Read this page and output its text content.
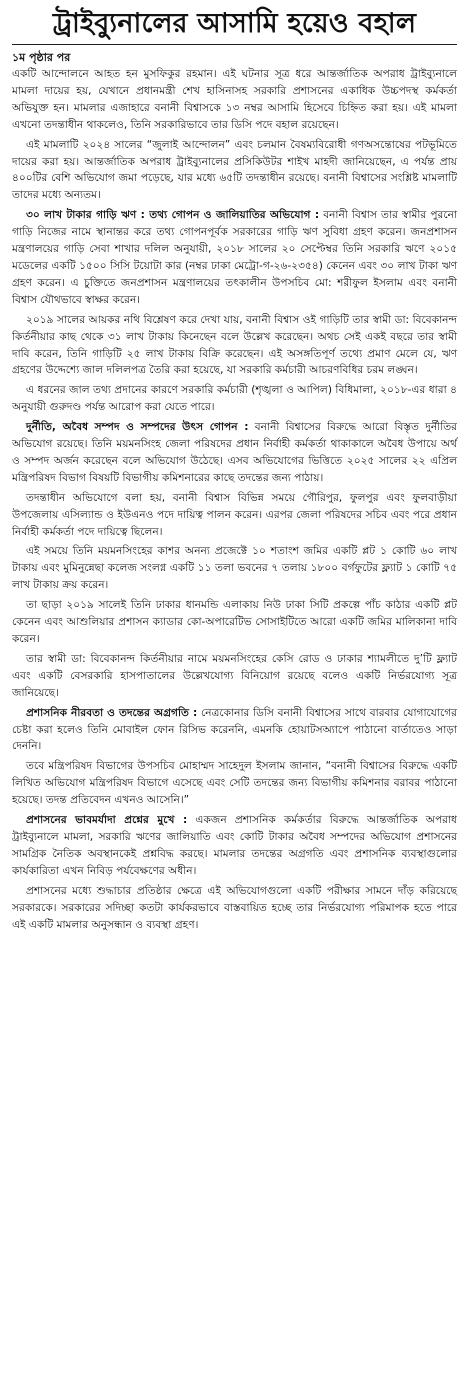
ট্রাইব্যুনালের আসামি হয়েও বহাল
১ম পৃষ্ঠার পর

একটি আন্দোলনে আহত হন মুসফিকুর রহমান। এই ঘটনার সূত্র ধরে আন্তর্জাতিক অপরাধ ট্রাইব্যুনালে মামলা দায়ের হয়, যেখানে প্রধানমন্ত্রী শেখ হাসিনাসহ সরকারি প্রশাসনের একাধিক উচ্চপদস্থ কর্মকর্তা অভিযুক্ত হন। মামলার এজাহারে বনানী বিশ্বাসকে ১৩ নম্বর আসামি হিসেবে চিহ্নিত করা হয়। এই মামলা এখনো তদন্তাধীন থাকলেও, তিনি সরকারিভাবে তার ডিসি পদে বহাল রয়েছেন।

এই মামলাটি ২০২৪ সালের “জুলাই আন্দোলন” এবং চলমান বৈষম্যবিরোধী গণঅসন্তোষের পটভূমিতে দায়ের করা হয়। আন্তর্জাতিক অপরাধ ট্রাইব্যুনালের প্রসিকিউটর শাইখ মাহদী জানিয়েছেন, এ পর্যন্ত প্রায় ৪০০টির বেশি অভিযোগ জমা পড়েছে, যার মধ্যে ৬৫টি তদন্তাধীন রয়েছে। বনানী বিশ্বাসের সংশ্লিষ্ট মামলাটি তাদের মধ্যে অন্যতম।

৩০ লাখ টাকার গাড়ি ঋণ : তথ্য গোপন ও জালিয়াতির অভিযোগ : বনানী বিশ্বাস তার স্বামীর পুরনো গাড়ি নিজের নামে স্থানান্তর করে তথ্য গোপনপূর্বক সরকারের গাড়ি ঋণ সুবিধা গ্রহণ করেন। জনপ্রশাসন মন্ত্রণালয়ের গাড়ি সেবা শাখার দলিল অনুযায়ী, ২০১৮ সালের ২০ সেপ্টেম্বর তিনি সরকারি ঋণে ২০১৫ মডেলের একটি ১৫০০ সিসি টয়োটা কার (নম্বর ঢাকা মেট্রো-গ-২৬-২৩৫৪) কেনেন এবং ৩০ লাখ টাকা ঋণ গ্রহণ করেন। এ চুক্তিতে জনপ্রশাসন মন্ত্রণালয়ের তৎকালীন উপসচিব মো: শরীফুল ইসলাম এবং বনানী বিশ্বাস যৌথভাবে স্বাক্ষর করেন।

২০১৯ সালের আয়কর নথি বিশ্লেষণ করে দেখা যায়, বনানী বিশ্বাস ওই গাড়িটি তার স্বামী ডা: বিবেকানন্দ কির্তনীয়ার কাছ থেকে ৩১ লাখ টাকায় কিনেছেন বলে উল্লেখ করেছেন। অথচ সেই একই বছরে তার স্বামী দাবি করেন, তিনি গাড়িটি ২৫ লাখ টাকায় বিক্রি করেছেন। এই অসঙ্গতিপূর্ণ তথ্যে প্রমাণ মেলে যে, ঋণ গ্রহণের উদ্দেশ্যে জাল দলিলপত্র তৈরি করা হয়েছে, যা সরকারি কর্মচারী আচরণবিধির চরম লঙ্ঘন।

এ ধরনের জাল তথ্য প্রদানের কারণে সরকারি কর্মচারী (শৃঙ্খলা ও আপিল) বিধিমালা, ২০১৮-এর ধারা ৪ অনুযায়ী গুরুদণ্ড পর্যন্ত আরোপ করা যেতে পারে।

দুর্নীতি, অবৈধ সম্পদ ও সম্পদের উৎস গোপন : বনানী বিশ্বাসের বিরুদ্ধে আরো বিস্তৃত দুর্নীতির অভিযোগ রয়েছে। তিনি ময়মনসিংহ জেলা পরিষদের প্রধান নির্বাহী কর্মকর্তা থাকাকালে অবৈধ উপায়ে অর্থ ও সম্পদ অর্জন করেছেন বলে অভিযোগ উঠেছে। এসব অভিযোগের ভিত্তিতে ২০২৫ সালের ২২ এপ্রিল মন্ত্রিপরিষদ বিভাগ বিষয়টি বিভাগীয় কমিশনারের কাছে তদন্তের জন্য পাঠায়।

তদন্তাধীন অভিযোগে বলা হয়, বনানী বিশ্বাস বিভিন্ন সময়ে গৌরিপুর, ফুলপুর এবং ফুলবাড়ীয়া উপজেলায় এসিল্যান্ড ও ইউএনও পদে দায়িত্ব পালন করেন। এরপর জেলা পরিষদের সচিব এবং পরে প্রধান নির্বাহী কর্মকর্তা পদে দায়িত্বে ছিলেন।

এই সময়ে তিনি ময়মনসিংহের কাশর অনন্য প্রজেক্টে ১০ শতাংশ জমির একটি প্লট ১ কোটি ৬০ লাখ টাকায় এবং মুমিনুন্নেছা কলেজ সংলগ্ন একটি ১১ তলা ভবনের ৭ তলায় ১৮০০ বর্গফুটের ফ্ল্যাট ১ কোটি ৭৫ লাখ টাকায় ক্রয় করেন।

তা ছাড়া ২০১৯ সালেই তিনি ঢাকার ধানমন্ডি এলাকায় নিউ ঢাকা সিটি প্রকল্পে পাঁচ কাঠার একটি প্লট কেনেন এবং আশুলিয়ার প্রশাসন ক্যাডার কো-অপারেটিভ সোসাইটিতে আরো একটি জমির মালিকানা দাবি করেন।

তার স্বামী ডা: বিবেকানন্দ কির্তনীয়ার নামে ময়মনসিংহের কেসি রোড ও ঢাকার শ্যামলীতে দু’টি ফ্ল্যাট এবং একটি বেসরকারি হাসপাতালের উল্লেখযোগ্য বিনিয়োগ রয়েছে বলেও একটি নির্ভরযোগ্য সূত্র জানিয়েছে।

প্রশাসনিক নীরবতা ও তদন্তের অগ্রগতি : নেত্রকোনার ডিসি বনানী বিশ্বাসের সাথে বারবার যোগাযোগের চেষ্টা করা হলেও তিনি মোবাইল ফোন রিসিভ করেননি, এমনকি হোয়াটসঅ্যাপে পাঠানো বার্তাতেও সাড়া দেননি।

তবে মন্ত্রিপরিষদ বিভাগের উপসচিব মোহাম্মদ সাহেদুল ইসলাম জানান, “বনানী বিশ্বাসের বিরুদ্ধে একটি লিখিত অভিযোগ মন্ত্রিপরিষদ বিভাগে এসেছে এবং সেটি তদন্তের জন্য বিভাগীয় কমিশনার বরাবর পাঠানো হয়েছে। তদন্ত প্রতিবেদন এখনও আসেনি।”

প্রশাসনের ভাবমর্যাদা প্রশ্নের মুখে : একজন প্রশাসনিক কর্মকর্তার বিরুদ্ধে আন্তর্জাতিক অপরাধ ট্রাইব্যুনালে মামলা, সরকারি ঋণের জালিয়াতি এবং কোটি টাকার অবৈধ সম্পদের অভিযোগ প্রশাসনের সামগ্রিক নৈতিক অবস্থানকেই প্রশ্নবিদ্ধ করছে। মামলার তদন্তের অগ্রগতি এবং প্রশাসনিক ব্যবস্থাগুলোর কার্যকারিতা এখন নিবিড় পর্যবেক্ষণের অধীন।

প্রশাসনের মধ্যে শুদ্ধাচার প্রতিষ্ঠার ক্ষেত্রে এই অভিযোগগুলো একটি পরীক্ষার সামনে দাঁড় করিয়েছে সরকারকে। সরকারের সদিচ্ছা কতটা কার্যকরভাবে বাস্তবায়িত হচ্ছে তার নির্ভরযোগ্য পরিমাপক হতে পারে এই একটি মামলার অনুসন্ধান ও ব্যবস্থা গ্রহণ।
